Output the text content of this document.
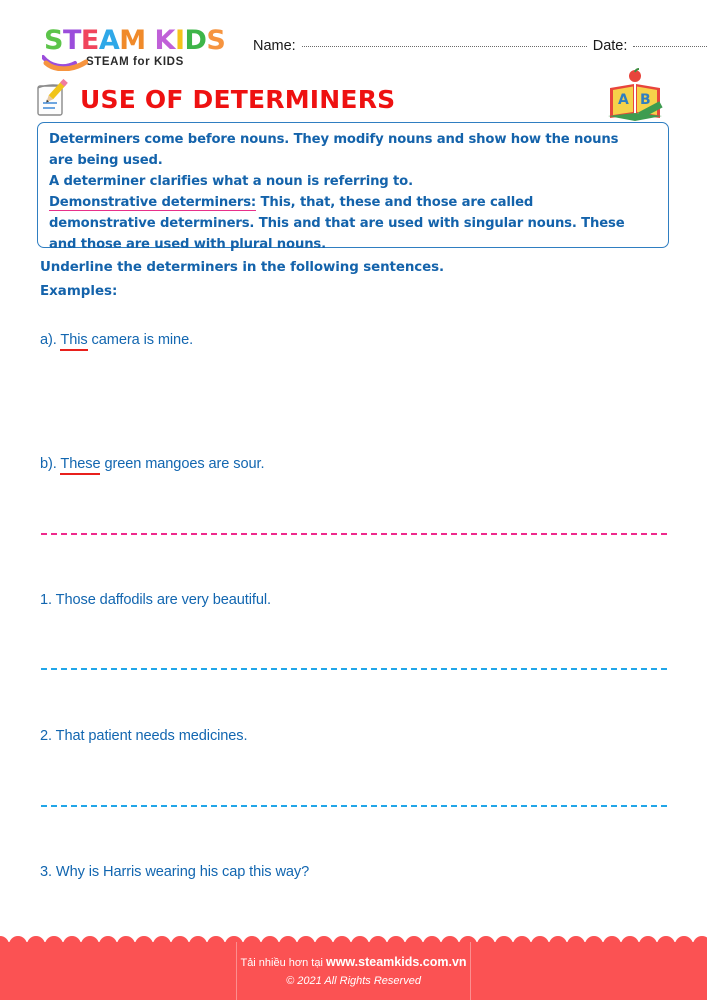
STEAM KIDS
STEAM for KIDS
Name:	Date:
USE OF DETERMINERS	A B
Determiners come before nouns. They modify nouns and show how the nouns
are being used.
A determiner clarifies what a noun is referring to.
Demonstrative determiners: This, that, these and those are called
demonstrative determiners. This and that are used with singular nouns. These
and those are used with plural nouns.
Underline the determiners in the following sentences.
Examples:
a). This camera is mine.
b). These green mangoes are sour.
1. Those daffodils are very beautiful.
2. That patient needs medicines.
3. Why is Harris wearing his cap this way?
Tải nhiều hơn tại www.steamkids.com.vn
© 2021 All Rights Reserved
